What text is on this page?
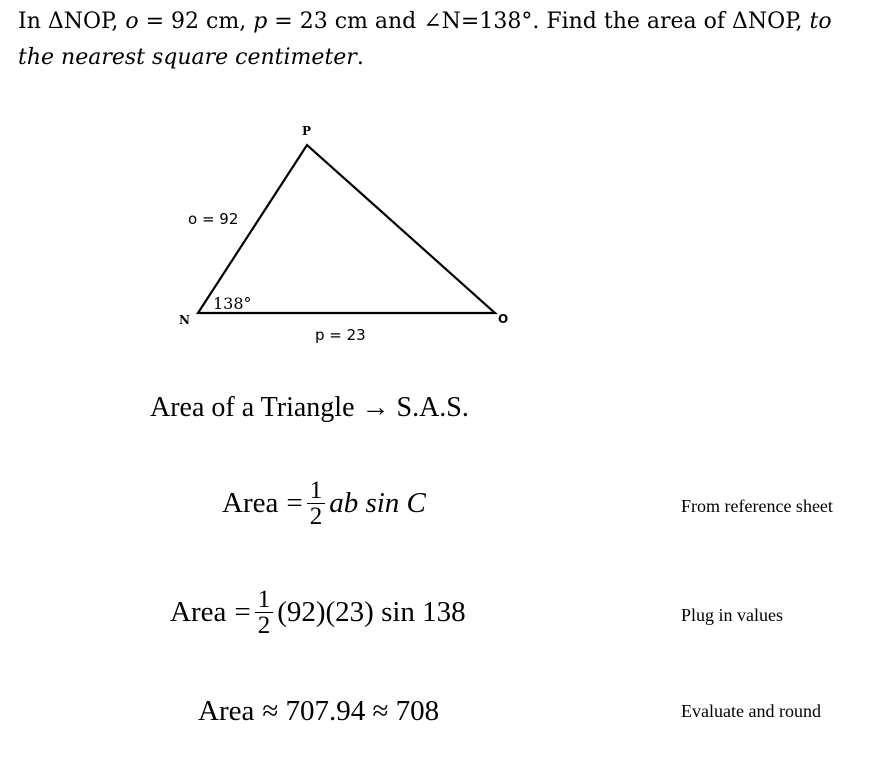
In ΔNOP, o = 92 cm, p = 23 cm and ∠N=138°. Find the area of ΔNOP, to the nearest square centimeter.
P
N	O
o = 92
p = 23
138°
Area of a Triangle → S.A.S.
Area = $\frac{1}{2}$ ab sin C	From reference sheet
Area = $\frac{1}{2} (92)(23)$ sin 138	Plug in values
Area ≈ 707.94 ≈ 708	Evaluate and round
